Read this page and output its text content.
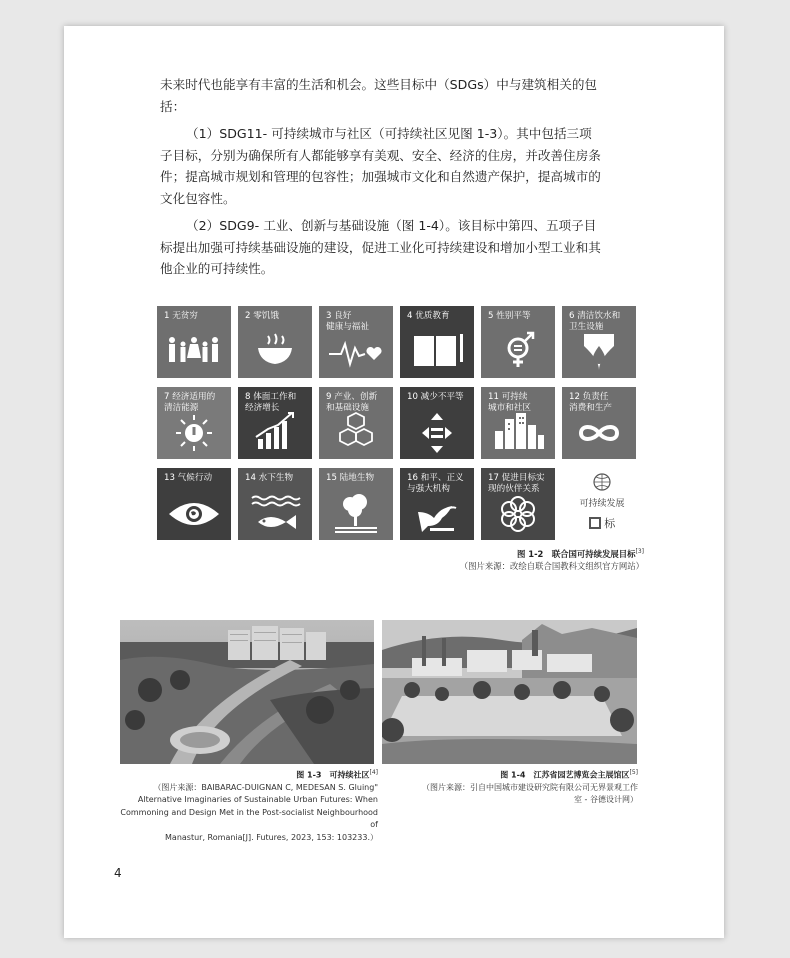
未来时代也能享有丰富的生活和机会。这些目标中（SDGs）中与建筑相关的包括：

（1）SDG11- 可持续城市与社区（可持续社区见图 1-3）。其中包括三项子目标，分别为确保所有人都能够享有美观、安全、经济的住房，并改善住房条件；提高城市规划和管理的包容性；加强城市文化和自然遗产保护，提高城市的文化包容性。

（2）SDG9- 工业、创新与基础设施（图 1-4）。该目标中第四、五项子目标提出加强可持续基础设施的建设，促进工业化可持续建设和增加小型工业和其他企业的可持续性。

1 无贫穷	2 零饥饿	3 良好
健康与福祉
4 优质教育	5 性别平等	6 清洁饮水和
卫生设施
7 经济适用的
清洁能源
8 体面工作和
经济增长
9 产业、创新
和基础设施
10 减少不平等	11 可持续
城市和社区
12 负责任
消费和生产
13 气候行动	14 水下生物	15 陆地生物	16 和平、正义
与强大机构
17 促进目标实
现的伙伴关系
可持续发展
标
图 1-2　联合国可持续发展目标[3]
（图片来源：改绘自联合国教科文组织官方网站）
图 1-3　可持续社区[4]
（图片来源：BAIBARAC-DUIGNAN C, MEDESAN S. Gluing"
Alternative Imaginaries of Sustainable Urban Futures: When
Commoning and Design Met in the Post-socialist Neighbourhood of
Manastur, Romania[J]. Futures, 2023, 153: 103233.）
图 1-4　江苏省园艺博览会主展馆区[5]
（图片来源：引自中国城市建设研究院有限公司无界景观工作
室 - 谷德设计网）
4
